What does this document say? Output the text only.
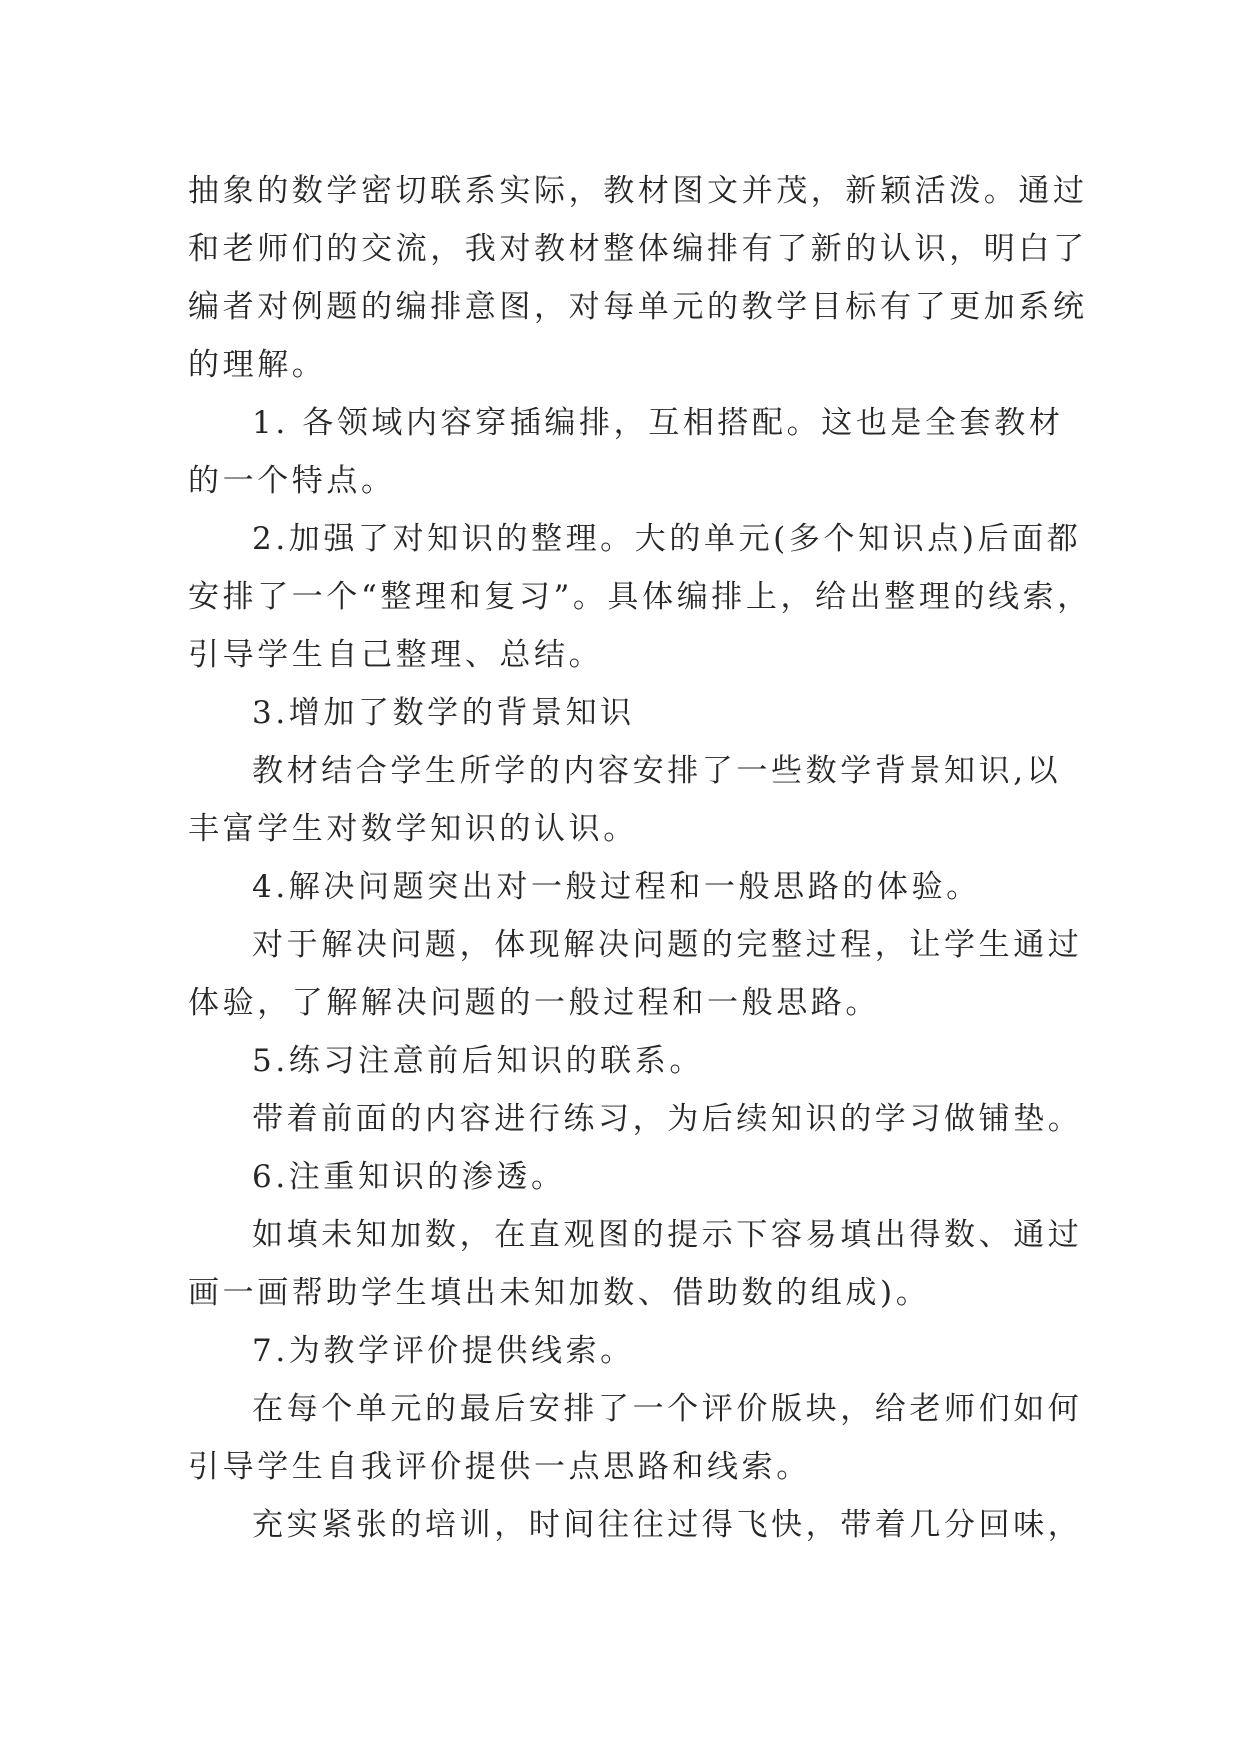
抽象的数学密切联系实际，教材图文并茂，新颖活泼。通过
和老师们的交流，我对教材整体编排有了新的认识，明白了
编者对例题的编排意图，对每单元的教学目标有了更加系统
的理解。
1. 各领域内容穿插编排，互相搭配。这也是全套教材
的一个特点。
2.加强了对知识的整理。大的单元(多个知识点)后面都
安排了一个“整理和复习”。具体编排上，给出整理的线索，
引导学生自己整理、总结。
3.增加了数学的背景知识
教材结合学生所学的内容安排了一些数学背景知识,以
丰富学生对数学知识的认识。
4.解决问题突出对一般过程和一般思路的体验。
对于解决问题，体现解决问题的完整过程，让学生通过
体验，了解解决问题的一般过程和一般思路。
5.练习注意前后知识的联系。
带着前面的内容进行练习，为后续知识的学习做铺垫。
6.注重知识的渗透。
如填未知加数，在直观图的提示下容易填出得数、通过
画一画帮助学生填出未知加数、借助数的组成)。
7.为教学评价提供线索。
在每个单元的最后安排了一个评价版块，给老师们如何
引导学生自我评价提供一点思路和线索。
充实紧张的培训，时间往往过得飞快，带着几分回味，
